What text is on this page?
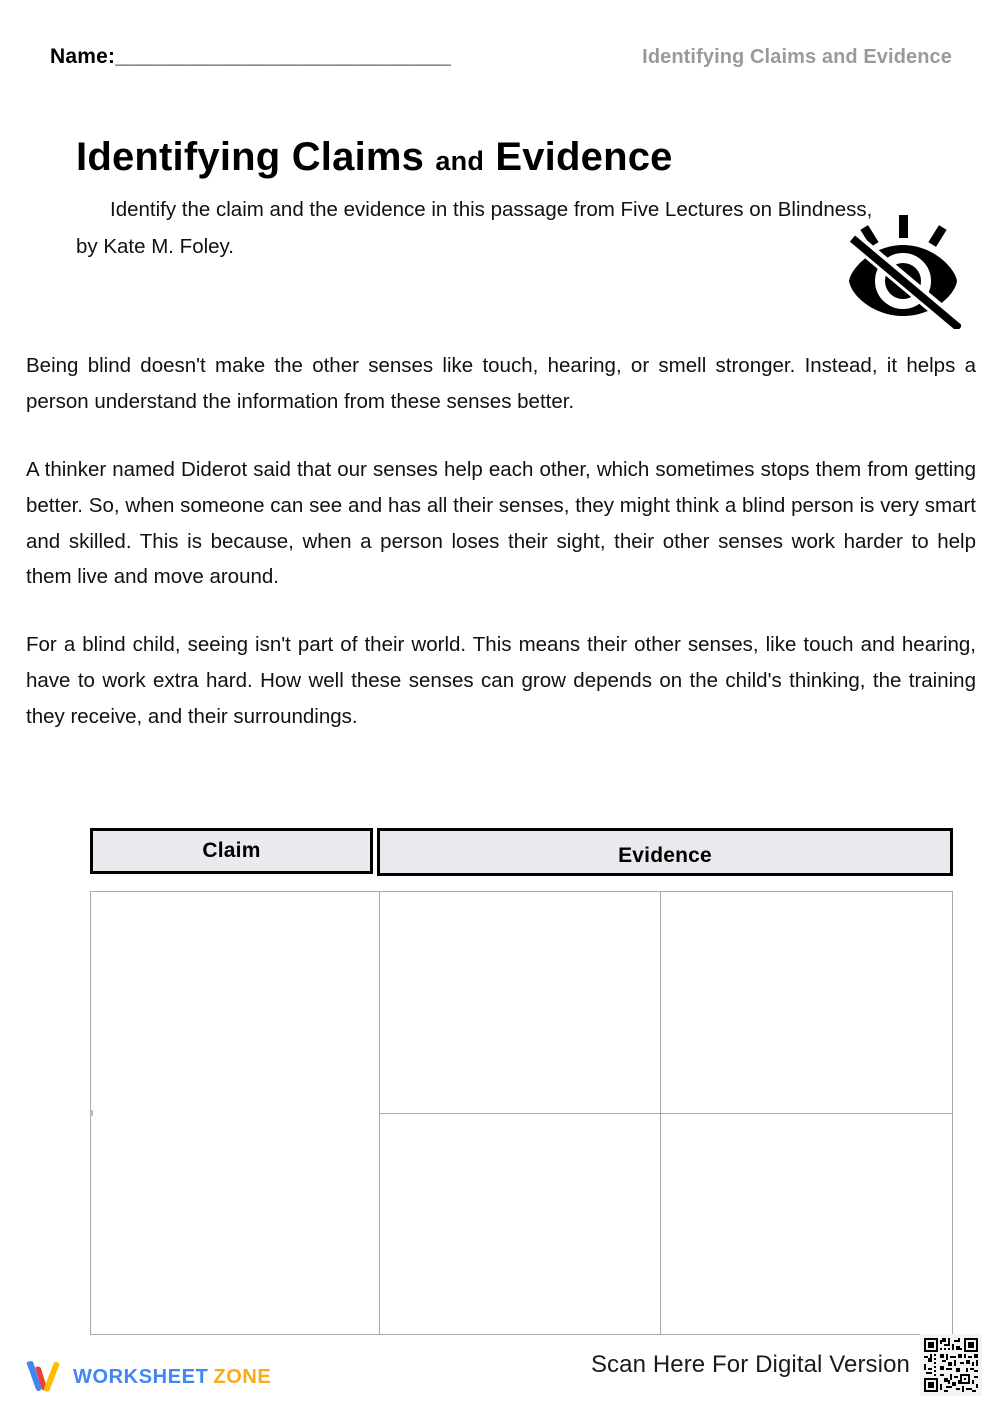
Name: ______________________________	Identifying Claims and Evidence
Identifying Claims and Evidence
Identify the claim and the evidence in this passage from Five Lectures on Blindness, by Kate M. Foley.

Being blind doesn't make the other senses like touch, hearing, or smell stronger. Instead, it helps a person understand the information from these senses better.

A thinker named Diderot said that our senses help each other, which sometimes stops them from getting better. So, when someone can see and has all their senses, they might think a blind person is very smart and skilled. This is because, when a person loses their sight, their other senses work harder to help them live and move around.

For a blind child, seeing isn't part of their world. This means their other senses, like touch and hearing, have to work extra hard. How well these senses can grow depends on the child's thinking, the training they receive, and their surroundings.

Claim	Evidence
WORKSHEET ZONE	Scan Here For Digital Version
